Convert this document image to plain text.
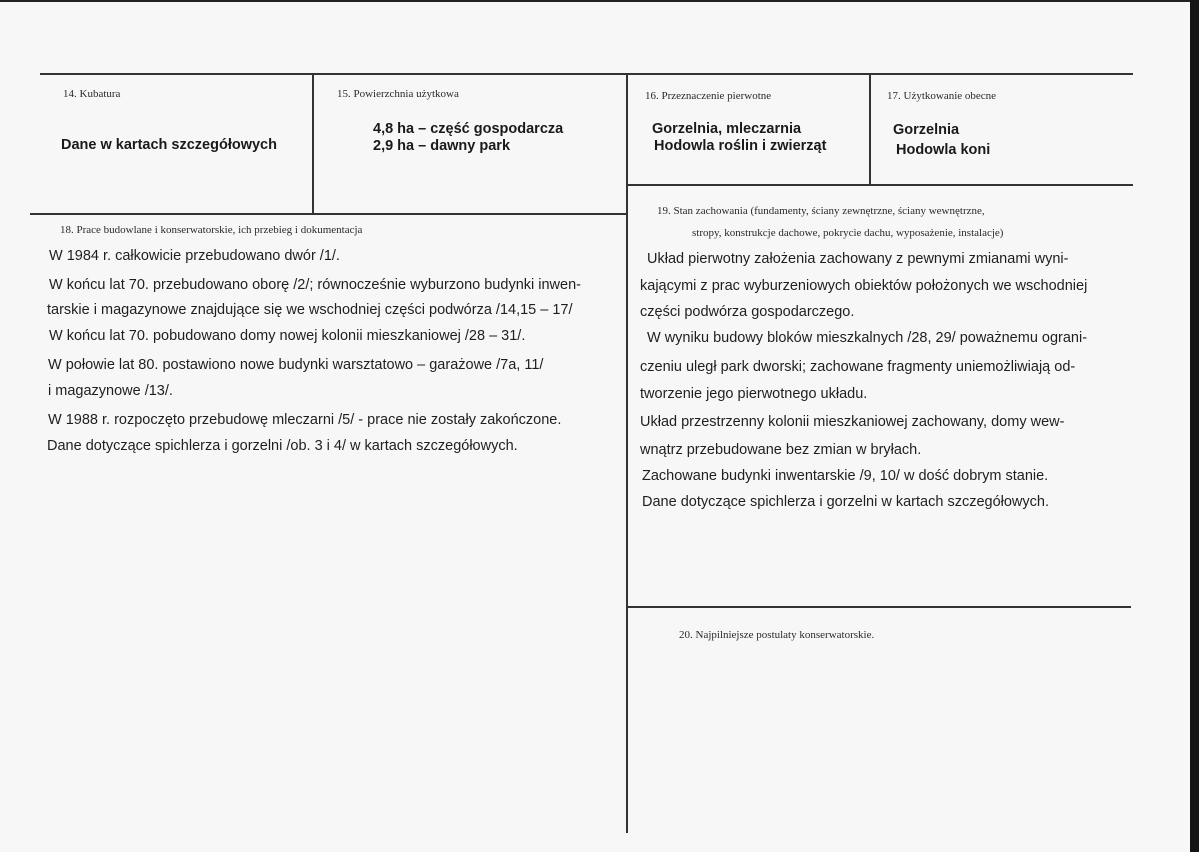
14. Kubatura
Dane w kartach szczegółowych
15. Powierzchnia użytkowa
4,8 ha – część gospodarcza
2,9 ha – dawny park
16. Przeznaczenie pierwotne
Gorzelnia, mleczarnia
Hodowla roślin i zwierząt
17. Użytkowanie obecne
Gorzelnia
Hodowla koni
18. Prace budowlane i konserwatorskie, ich przebieg i dokumentacja
W 1984 r. całkowicie przebudowano dwór /1/.
W końcu lat 70. przebudowano oborę /2/; równocześnie wyburzono budynki inwen-
tarskie i magazynowe znajdujące się we wschodniej części podwórza /14,15 – 17/
W końcu lat 70. pobudowano domy nowej kolonii mieszkaniowej /28 – 31/.
W połowie lat 80. postawiono nowe budynki warsztatowo – garażowe /7a, 11/
i magazynowe /13/.
W 1988 r. rozpoczęto przebudowę mleczarni /5/ - prace nie zostały zakończone.
Dane dotyczące spichlerza i gorzelni /ob. 3 i 4/ w kartach szczegółowych.
19. Stan zachowania (fundamenty, ściany zewnętrzne, ściany wewnętrzne,
stropy, konstrukcje dachowe, pokrycie dachu, wyposażenie, instalacje)
Układ pierwotny założenia zachowany z pewnymi zmianami wyni-
kającymi z prac wyburzeniowych obiektów położonych we wschodniej
części podwórza gospodarczego.
W wyniku budowy bloków mieszkalnych /28, 29/ poważnemu ograni-
czeniu uległ park dworski; zachowane fragmenty uniemożliwiają od-
tworzenie jego pierwotnego układu.
Układ przestrzenny kolonii mieszkaniowej zachowany, domy wew-
wnątrz przebudowane bez zmian w bryłach.
Zachowane budynki inwentarskie /9, 10/ w dość dobrym stanie.
Dane dotyczące spichlerza i gorzelni w kartach szczegółowych.
20. Najpilniejsze postulaty konserwatorskie.
